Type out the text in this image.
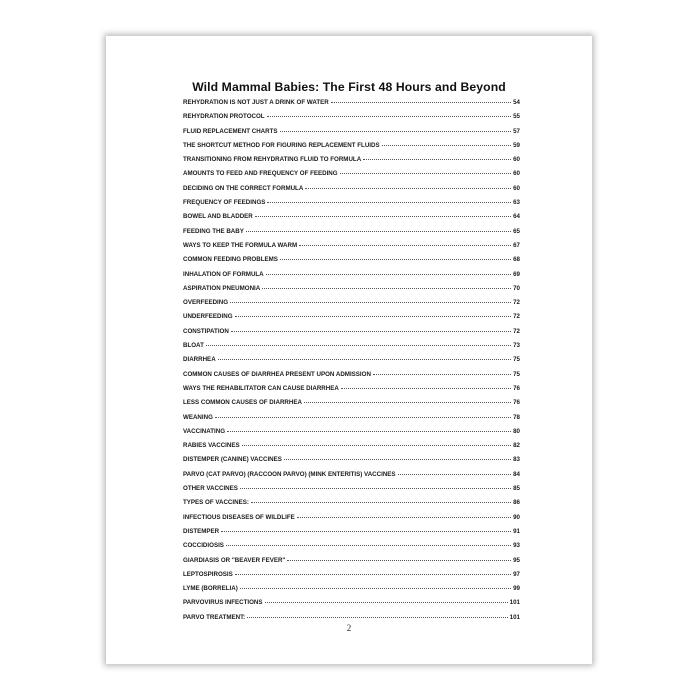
Wild Mammal Babies: The First 48 Hours and Beyond
REHYDRATION IS NOT JUST A DRINK OF WATER	54
REHYDRATION PROTOCOL	55
FLUID REPLACEMENT CHARTS	57
THE SHORTCUT METHOD FOR FIGURING REPLACEMENT FLUIDS	59
TRANSITIONING FROM REHYDRATING FLUID TO FORMULA	60
AMOUNTS TO FEED AND FREQUENCY OF FEEDING	60
DECIDING ON THE CORRECT FORMULA	60
FREQUENCY OF FEEDINGS	63
BOWEL AND BLADDER	64
FEEDING THE BABY	65
WAYS TO KEEP THE FORMULA WARM	67
COMMON FEEDING PROBLEMS	68
INHALATION OF FORMULA	69
ASPIRATION PNEUMONIA	70
OVERFEEDING	72
UNDERFEEDING	72
CONSTIPATION	72
BLOAT	73
DIARRHEA	75
COMMON CAUSES OF DIARRHEA PRESENT UPON ADMISSION	75
WAYS THE REHABILITATOR CAN CAUSE DIARRHEA	76
LESS COMMON CAUSES OF DIARRHEA	76
WEANING	78
VACCINATING	80
RABIES VACCINES	82
DISTEMPER (CANINE) VACCINES	83
PARVO (CAT PARVO) (RACCOON PARVO) (MINK ENTERITIS) VACCINES	84
OTHER VACCINES	85
TYPES OF VACCINES:	86
INFECTIOUS DISEASES OF WILDLIFE	90
DISTEMPER	91
COCCIDIOSIS	93
GIARDIASIS OR "BEAVER FEVER"	95
LEPTOSPIROSIS	97
LYME (BORRELIA)	99
PARVOVIRUS INFECTIONS	101
PARVO TREATMENT:	101
2
